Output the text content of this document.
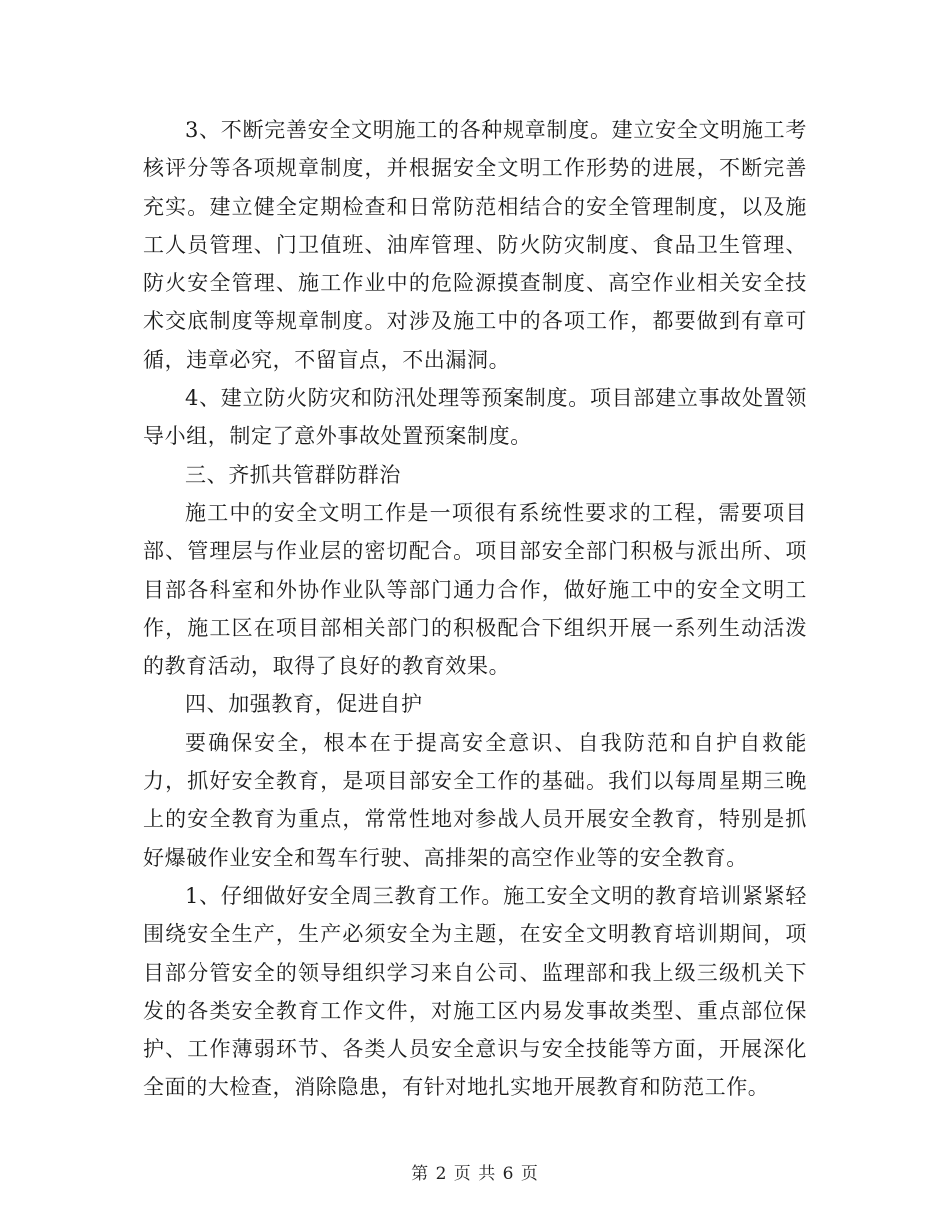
3、不断完善安全文明施工的各种规章制度。建立安全文明施工考核评分等各项规章制度，并根据安全文明工作形势的进展，不断完善充实。建立健全定期检查和日常防范相结合的安全管理制度，以及施工人员管理、门卫值班、油库管理、防火防灾制度、食品卫生管理、防火安全管理、施工作业中的危险源摸查制度、高空作业相关安全技术交底制度等规章制度。对涉及施工中的各项工作，都要做到有章可循，违章必究，不留盲点，不出漏洞。

4、建立防火防灾和防汛处理等预案制度。项目部建立事故处置领导小组，制定了意外事故处置预案制度。

三、齐抓共管群防群治

施工中的安全文明工作是一项很有系统性要求的工程，需要项目部、管理层与作业层的密切配合。项目部安全部门积极与派出所、项目部各科室和外协作业队等部门通力合作，做好施工中的安全文明工作，施工区在项目部相关部门的积极配合下组织开展一系列生动活泼的教育活动，取得了良好的教育效果。

四、加强教育，促进自护

要确保安全，根本在于提高安全意识、自我防范和自护自救能力，抓好安全教育，是项目部安全工作的基础。我们以每周星期三晚上的安全教育为重点，常常性地对参战人员开展安全教育，特别是抓好爆破作业安全和驾车行驶、高排架的高空作业等的安全教育。

1、仔细做好安全周三教育工作。施工安全文明的教育培训紧紧轻围绕安全生产，生产必须安全为主题，在安全文明教育培训期间，项目部分管安全的领导组织学习来自公司、监理部和我上级三级机关下发的各类安全教育工作文件，对施工区内易发事故类型、重点部位保护、工作薄弱环节、各类人员安全意识与安全技能等方面，开展深化全面的大检查，消除隐患，有针对地扎实地开展教育和防范工作。

第 2 页 共 6 页
